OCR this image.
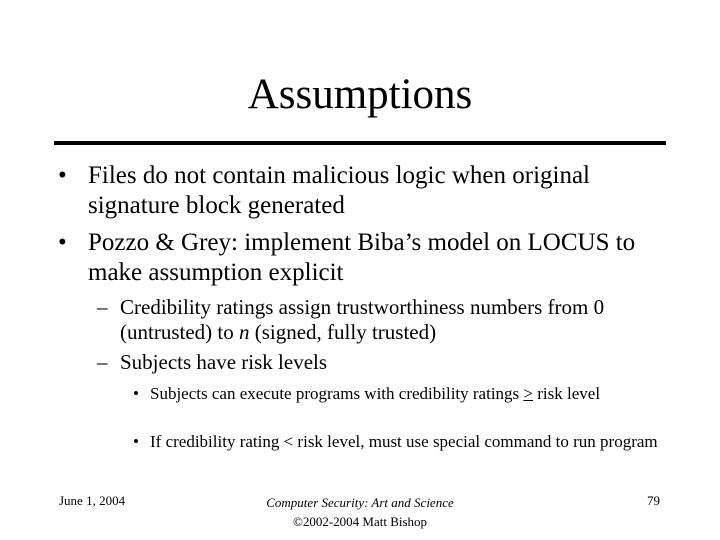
Assumptions
• Files do not contain malicious logic when original signature block generated
• Pozzo & Grey: implement Biba’s model on LOCUS to make assumption explicit
– Credibility ratings assign trustworthiness numbers from 0 (untrusted) to n (signed, fully trusted)
– Subjects have risk levels
• Subjects can execute programs with credibility ratings > risk level
• If credibility rating < risk level, must use special command to run program
June 1, 2004	Computer Security: Art and Science
©2002-2004 Matt Bishop
79
